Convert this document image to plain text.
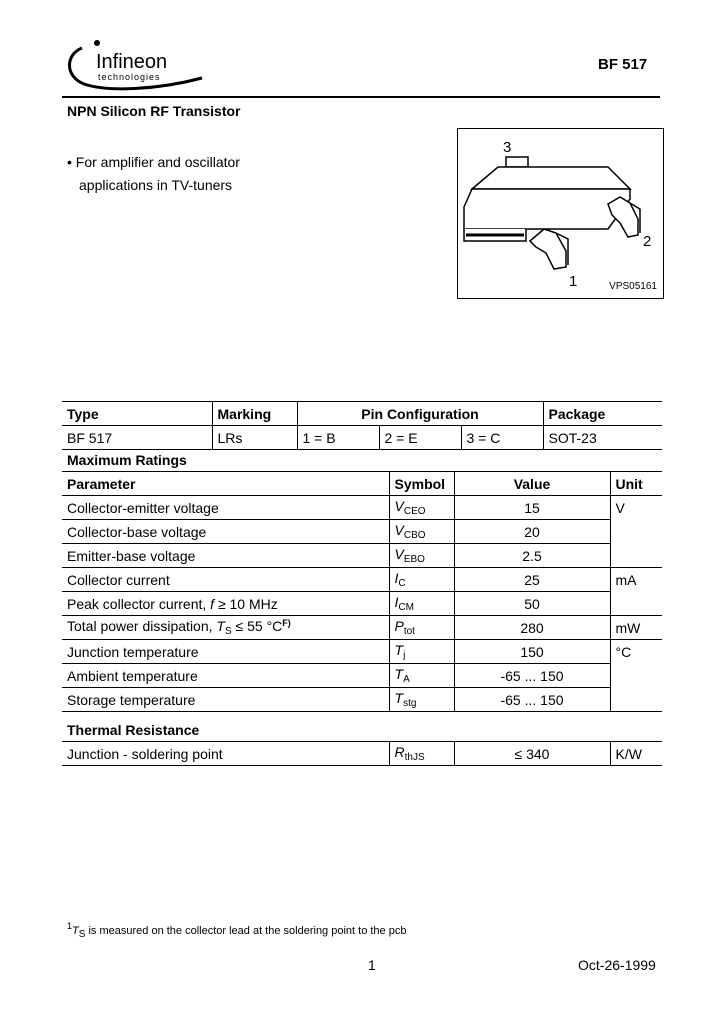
Infineon
technologies
BF 517
NPN Silicon RF Transistor
• For amplifier and oscillator
applications in TV-tuners
3
2
1	VPS05161
Type	Marking	Pin Configuration			Package
BF 517	LRs	1 = B	2 = E	3 = C	SOT-23
Maximum Ratings
Parameter	Symbol	Value	Unit
Collector-emitter voltage	$V_{CEO}$	15	V
Collector-base voltage	$V_{CBO}$	20	
Emitter-base voltage	$V_{EBO}$	2.5	
Collector current	$I_C$	25	mA
Peak collector current, f ≥ 10 MHz	$I_{CM}$	50	
Total power dissipation, $T_S \le 55$ $^\circ C^{F)}$	$P_{tot}$	280	mW
Junction temperature	$T_j$	150	°C
Ambient temperature	$T_A$	-65 ... 150	
Storage temperature	$T_{stg}$	-65 ... 150	
Thermal Resistance
Junction - soldering point	$R_{thJS}$	≤ 340	K/W
$^1T_S$ is measured on the collector lead at the soldering point to the pcb
1	Oct-26-1999
